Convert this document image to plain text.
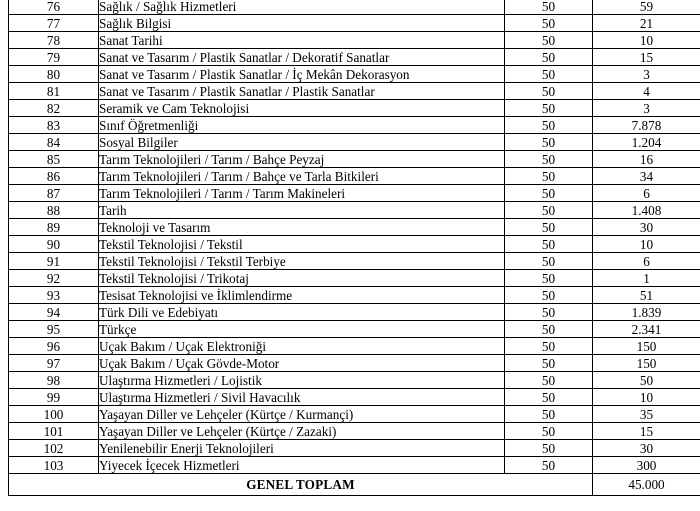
76	Sağlık / Sağlık Hizmetleri	50	59
77	Sağlık Bilgisi	50	21
78	Sanat Tarihi	50	10
79	Sanat ve Tasarım / Plastik Sanatlar / Dekoratif Sanatlar	50	15
80	Sanat ve Tasarım / Plastik Sanatlar / İç Mekân Dekorasyon	50	3
81	Sanat ve Tasarım / Plastik Sanatlar / Plastik Sanatlar	50	4
82	Seramik ve Cam Teknolojisi	50	3
83	Sınıf Öğretmenliği	50	7.878
84	Sosyal Bilgiler	50	1.204
85	Tarım Teknolojileri / Tarım / Bahçe Peyzaj	50	16
86	Tarım Teknolojileri / Tarım / Bahçe ve Tarla Bitkileri	50	34
87	Tarım Teknolojileri / Tarım / Tarım Makineleri	50	6
88	Tarih	50	1.408
89	Teknoloji ve Tasarım	50	30
90	Tekstil Teknolojisi / Tekstil	50	10
91	Tekstil Teknolojisi / Tekstil Terbiye	50	6
92	Tekstil Teknolojisi / Trikotaj	50	1
93	Tesisat Teknolojisi ve İklimlendirme	50	51
94	Türk Dili ve Edebiyatı	50	1.839
95	Türkçe	50	2.341
96	Uçak Bakım / Uçak Elektroniği	50	150
97	Uçak Bakım / Uçak Gövde-Motor	50	150
98	Ulaştırma Hizmetleri / Lojistik	50	50
99	Ulaştırma Hizmetleri / Sivil Havacılık	50	10
100	Yaşayan Diller ve Lehçeler (Kürtçe / Kurmançi)	50	35
101	Yaşayan Diller ve Lehçeler (Kürtçe / Zazaki)	50	15
102	Yenilenebilir Enerji Teknolojileri	50	30
103	Yiyecek İçecek Hizmetleri	50	300
GENEL TOPLAM			45.000
